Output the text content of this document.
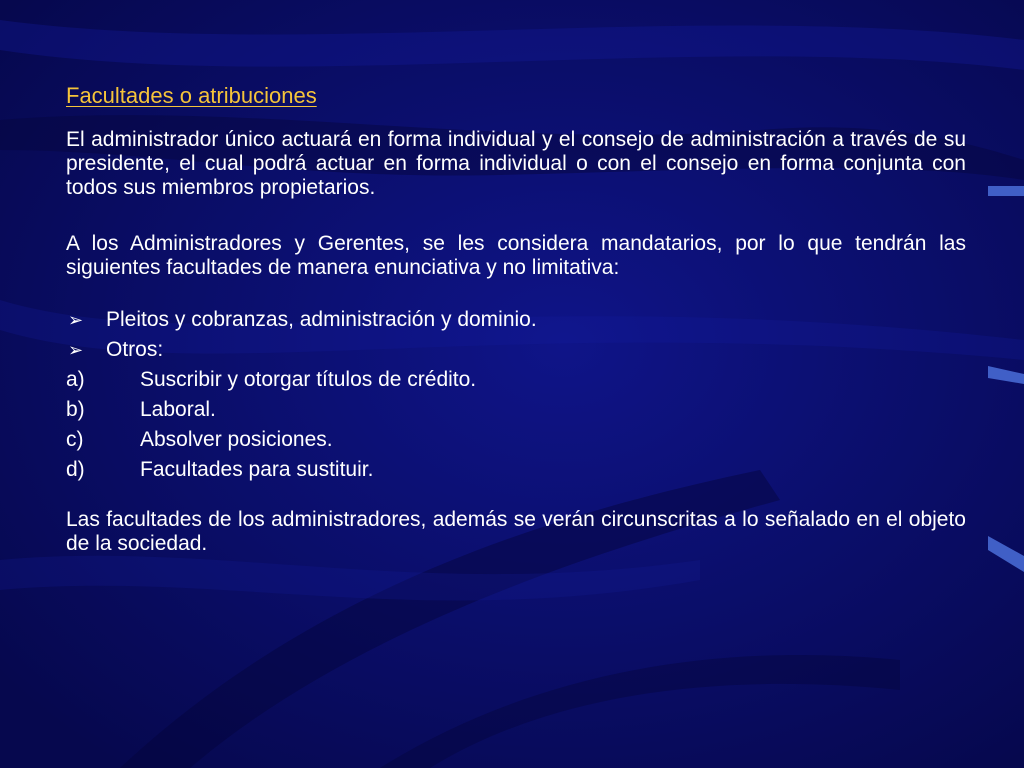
Facultades o atribuciones

El administrador único actuará en forma individual y el consejo de administración a través de su presidente, el cual podrá actuar en forma individual o con el consejo en forma conjunta con todos sus miembros propietarios.

A los Administradores y Gerentes, se les considera mandatarios, por lo que tendrán las siguientes facultades de manera enunciativa y no limitativa:

➢	Pleitos y cobranzas, administración y dominio.
➢	Otros:
a)	Suscribir y otorgar títulos de crédito.
b)	Laboral.
c)	Absolver posiciones.
d)	Facultades para sustituir.

Las facultades de los administradores, además se verán circunscritas a lo señalado en el objeto de la sociedad.
